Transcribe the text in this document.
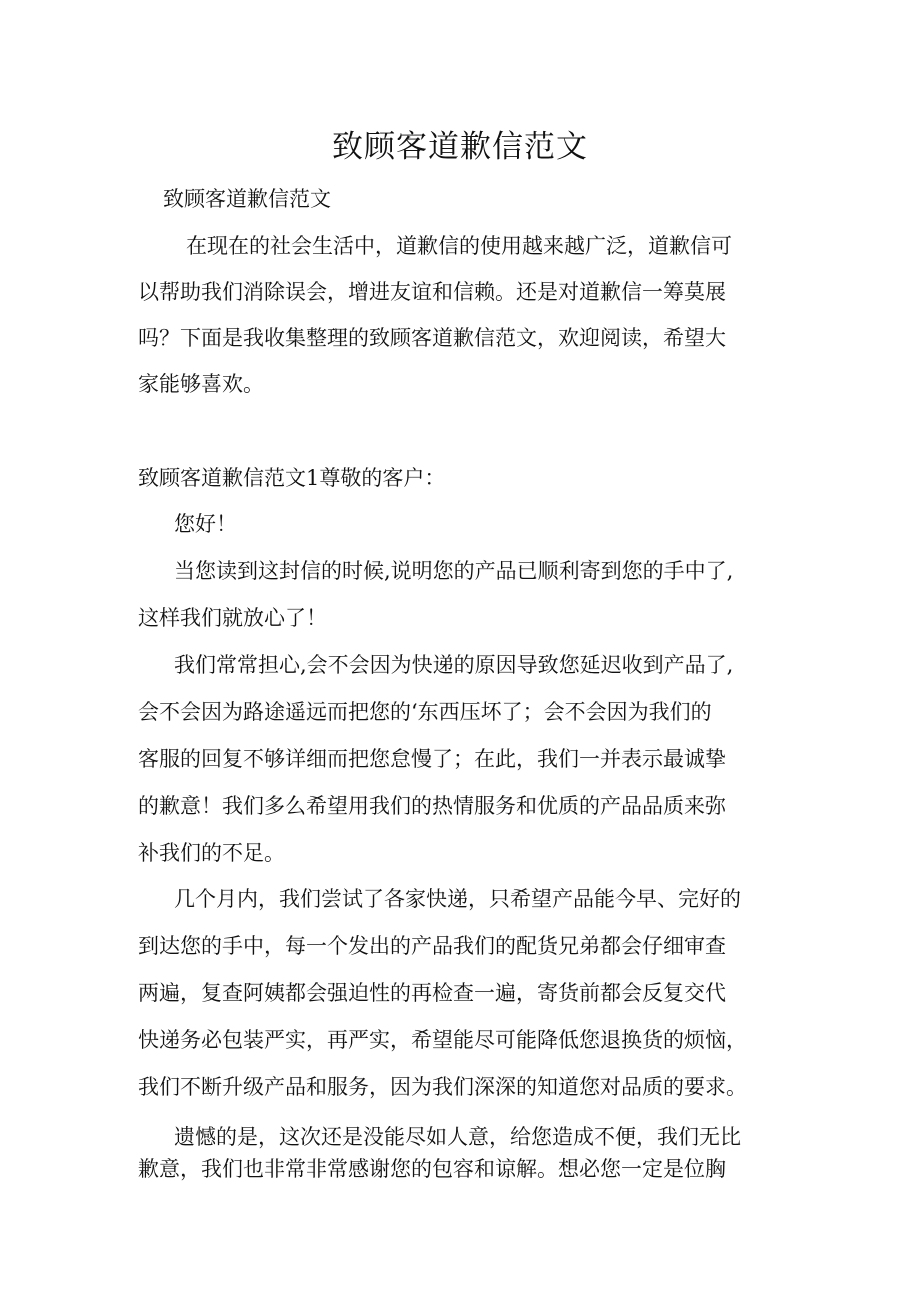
致顾客道歉信范文
致顾客道歉信范文
在现在的社会生活中，道歉信的使用越来越广泛，道歉信可
以帮助我们消除误会，增进友谊和信赖。还是对道歉信一筹莫展
吗？下面是我收集整理的致顾客道歉信范文，欢迎阅读，希望大
家能够喜欢。
致顾客道歉信范文1尊敬的客户：
您好！
当您读到这封信的时候,说明您的产品已顺利寄到您的手中了,
这样我们就放心了！
我们常常担心,会不会因为快递的原因导致您延迟收到产品了,
会不会因为路途遥远而把您的‘东西压坏了；会不会因为我们的
客服的回复不够详细而把您怠慢了；在此，我们一并表示最诚挚
的歉意！我们多么希望用我们的热情服务和优质的产品品质来弥
补我们的不足。
几个月内，我们尝试了各家快递，只希望产品能今早、完好的
到达您的手中，每一个发出的产品我们的配货兄弟都会仔细审查
两遍，复查阿姨都会强迫性的再检查一遍，寄货前都会反复交代
快递务必包装严实，再严实，希望能尽可能降低您退换货的烦恼，
我们不断升级产品和服务，因为我们深深的知道您对品质的要求。
遗憾的是，这次还是没能尽如人意，给您造成不便，我们无比
歉意，我们也非常非常感谢您的包容和谅解。想必您一定是位胸
